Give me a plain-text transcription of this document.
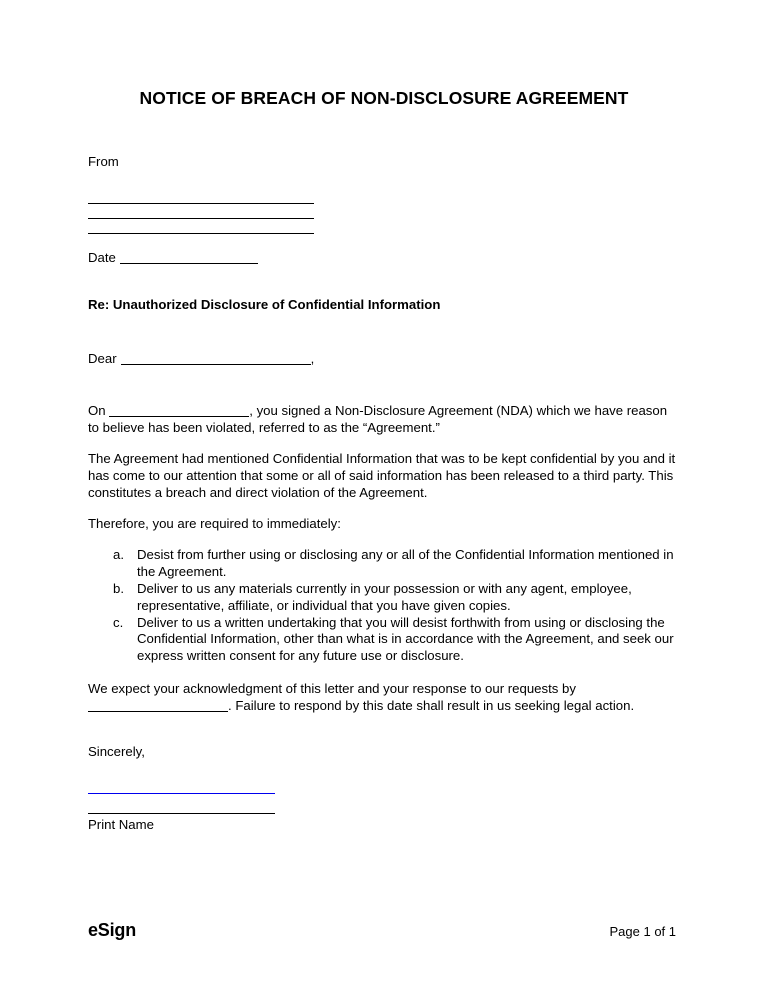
NOTICE OF BREACH OF NON-DISCLOSURE AGREEMENT
From
Date
Re: Unauthorized Disclosure of Confidential Information
Dear	,
On	, you signed a Non-Disclosure Agreement (NDA) which we have reason to believe has been violated, referred to as the “Agreement.”
The Agreement had mentioned Confidential Information that was to be kept confidential by you and it has come to our attention that some or all of said information has been released to a third party. This constitutes a breach and direct violation of the Agreement.
Therefore, you are required to immediately:
a. Desist from further using or disclosing any or all of the Confidential Information mentioned in the Agreement.
b. Deliver to us any materials currently in your possession or with any agent, employee, representative, affiliate, or individual that you have given copies.
c. Deliver to us a written undertaking that you will desist forthwith from using or disclosing the Confidential Information, other than what is in accordance with the Agreement, and seek our express written consent for any future use or disclosure.
We expect your acknowledgment of this letter and your response to our requests by . Failure to respond by this date shall result in us seeking legal action.
Sincerely,
Print Name
eSign	Page 1 of 1
